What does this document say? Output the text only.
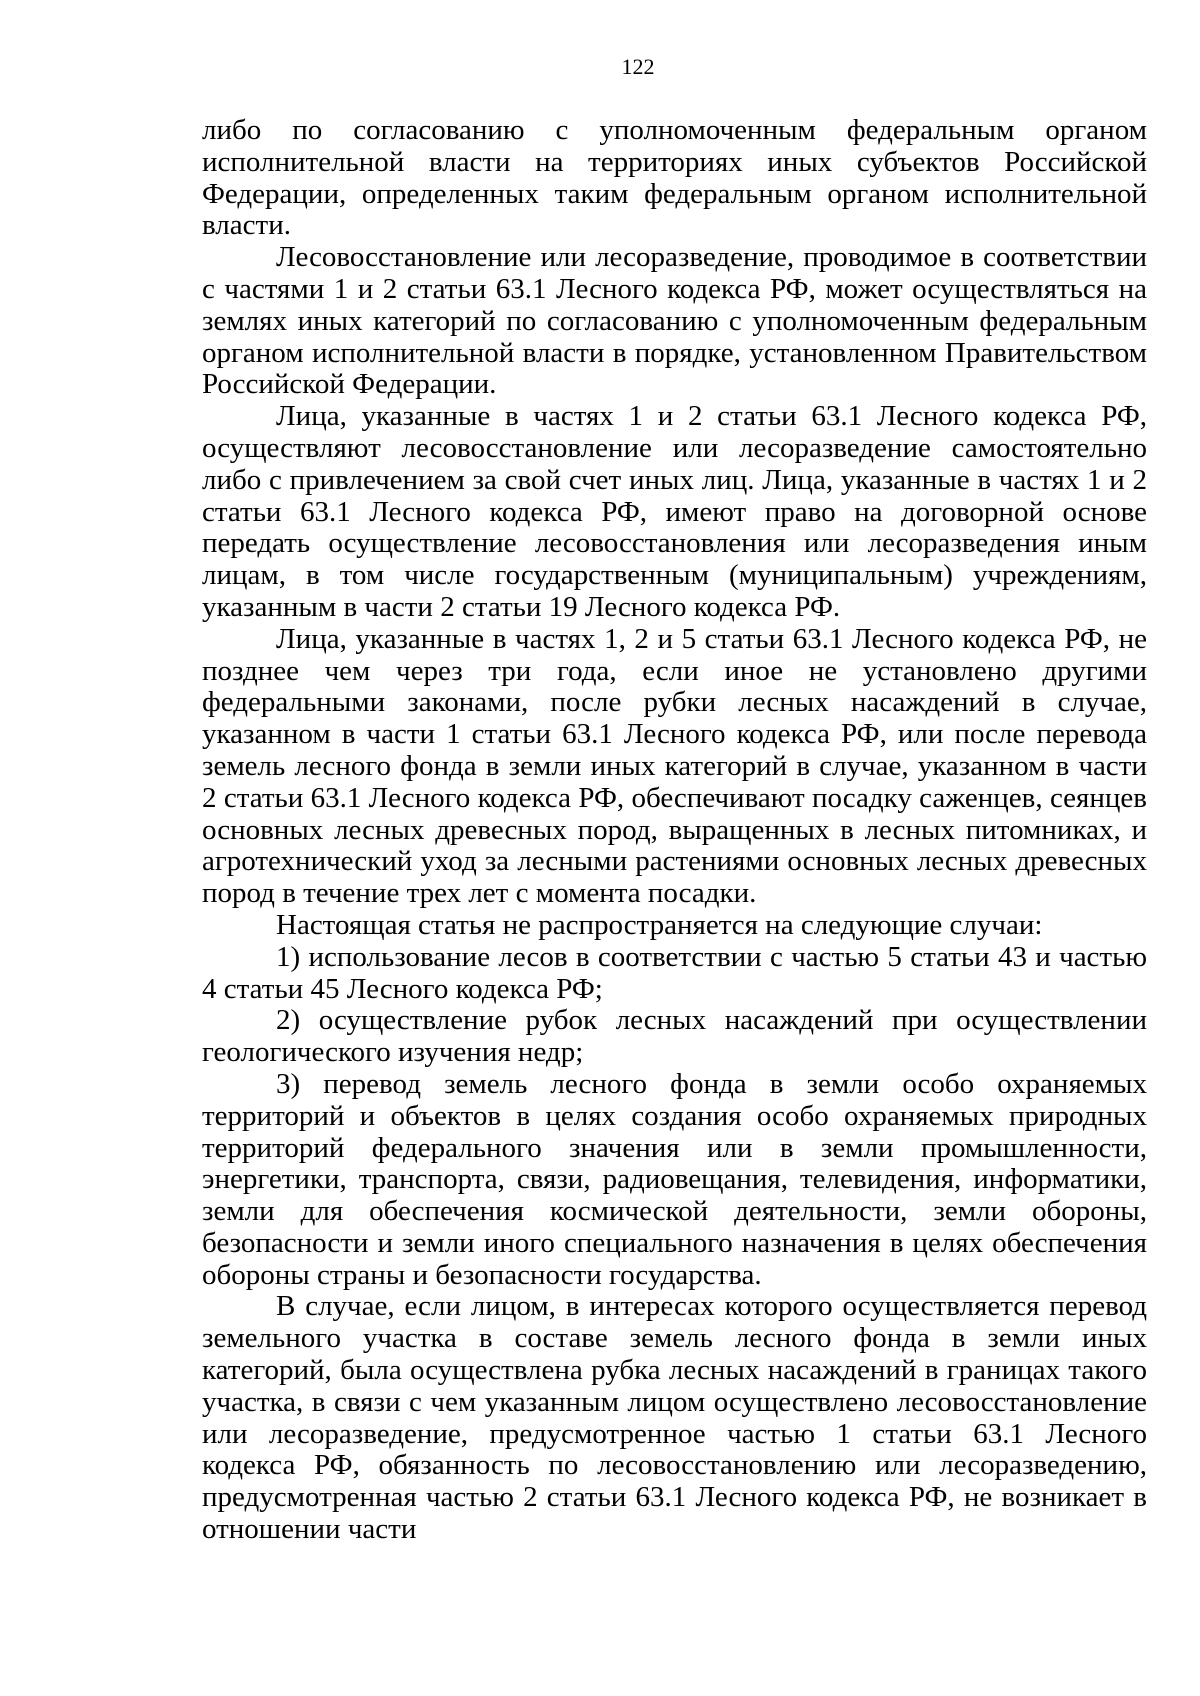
122

либо по согласованию с уполномоченным федеральным органом исполнительной власти на территориях иных субъектов Российской Федерации, определенных таким федеральным органом исполнительной власти.

Лесовосстановление или лесоразведение, проводимое в соответствии с частями 1 и 2 статьи 63.1 Лесного кодекса РФ, может осуществляться на землях иных категорий по согласованию с уполномоченным федеральным органом исполнительной власти в порядке, установленном Правительством Российской Федерации.

Лица, указанные в частях 1 и 2 статьи 63.1 Лесного кодекса РФ, осуществляют лесовосстановление или лесоразведение самостоятельно либо с привлечением за свой счет иных лиц. Лица, указанные в частях 1 и 2 статьи 63.1 Лесного кодекса РФ, имеют право на договорной основе передать осуществление лесовосстановления или лесоразведения иным лицам, в том числе государственным (муниципальным) учреждениям, указанным в части 2 статьи 19 Лесного кодекса РФ.

Лица, указанные в частях 1, 2 и 5 статьи 63.1 Лесного кодекса РФ, не позднее чем через три года, если иное не установлено другими федеральными законами, после рубки лесных насаждений в случае, указанном в части 1 статьи 63.1 Лесного кодекса РФ, или после перевода земель лесного фонда в земли иных категорий в случае, указанном в части 2 статьи 63.1 Лесного кодекса РФ, обеспечивают посадку саженцев, сеянцев основных лесных древесных пород, выращенных в лесных питомниках, и агротехнический уход за лесными растениями основных лесных древесных пород в течение трех лет с момента посадки.

Настоящая статья не распространяется на следующие случаи:

1) использование лесов в соответствии с частью 5 статьи 43 и частью 4 статьи 45 Лесного кодекса РФ;

2) осуществление рубок лесных насаждений при осуществлении геологического изучения недр;

3) перевод земель лесного фонда в земли особо охраняемых территорий и объектов в целях создания особо охраняемых природных территорий федерального значения или в земли промышленности, энергетики, транспорта, связи, радиовещания, телевидения, информатики, земли для обеспечения космической деятельности, земли обороны, безопасности и земли иного специального назначения в целях обеспечения обороны страны и безопасности государства.

В случае, если лицом, в интересах которого осуществляется перевод земельного участка в составе земель лесного фонда в земли иных категорий, была осуществлена рубка лесных насаждений в границах такого участка, в связи с чем указанным лицом осуществлено лесовосстановление или лесоразведение, предусмотренное частью 1 статьи 63.1 Лесного кодекса РФ, обязанность по лесовосстановлению или лесоразведению, предусмотренная частью 2 статьи 63.1 Лесного кодекса РФ, не возникает в отношении части
